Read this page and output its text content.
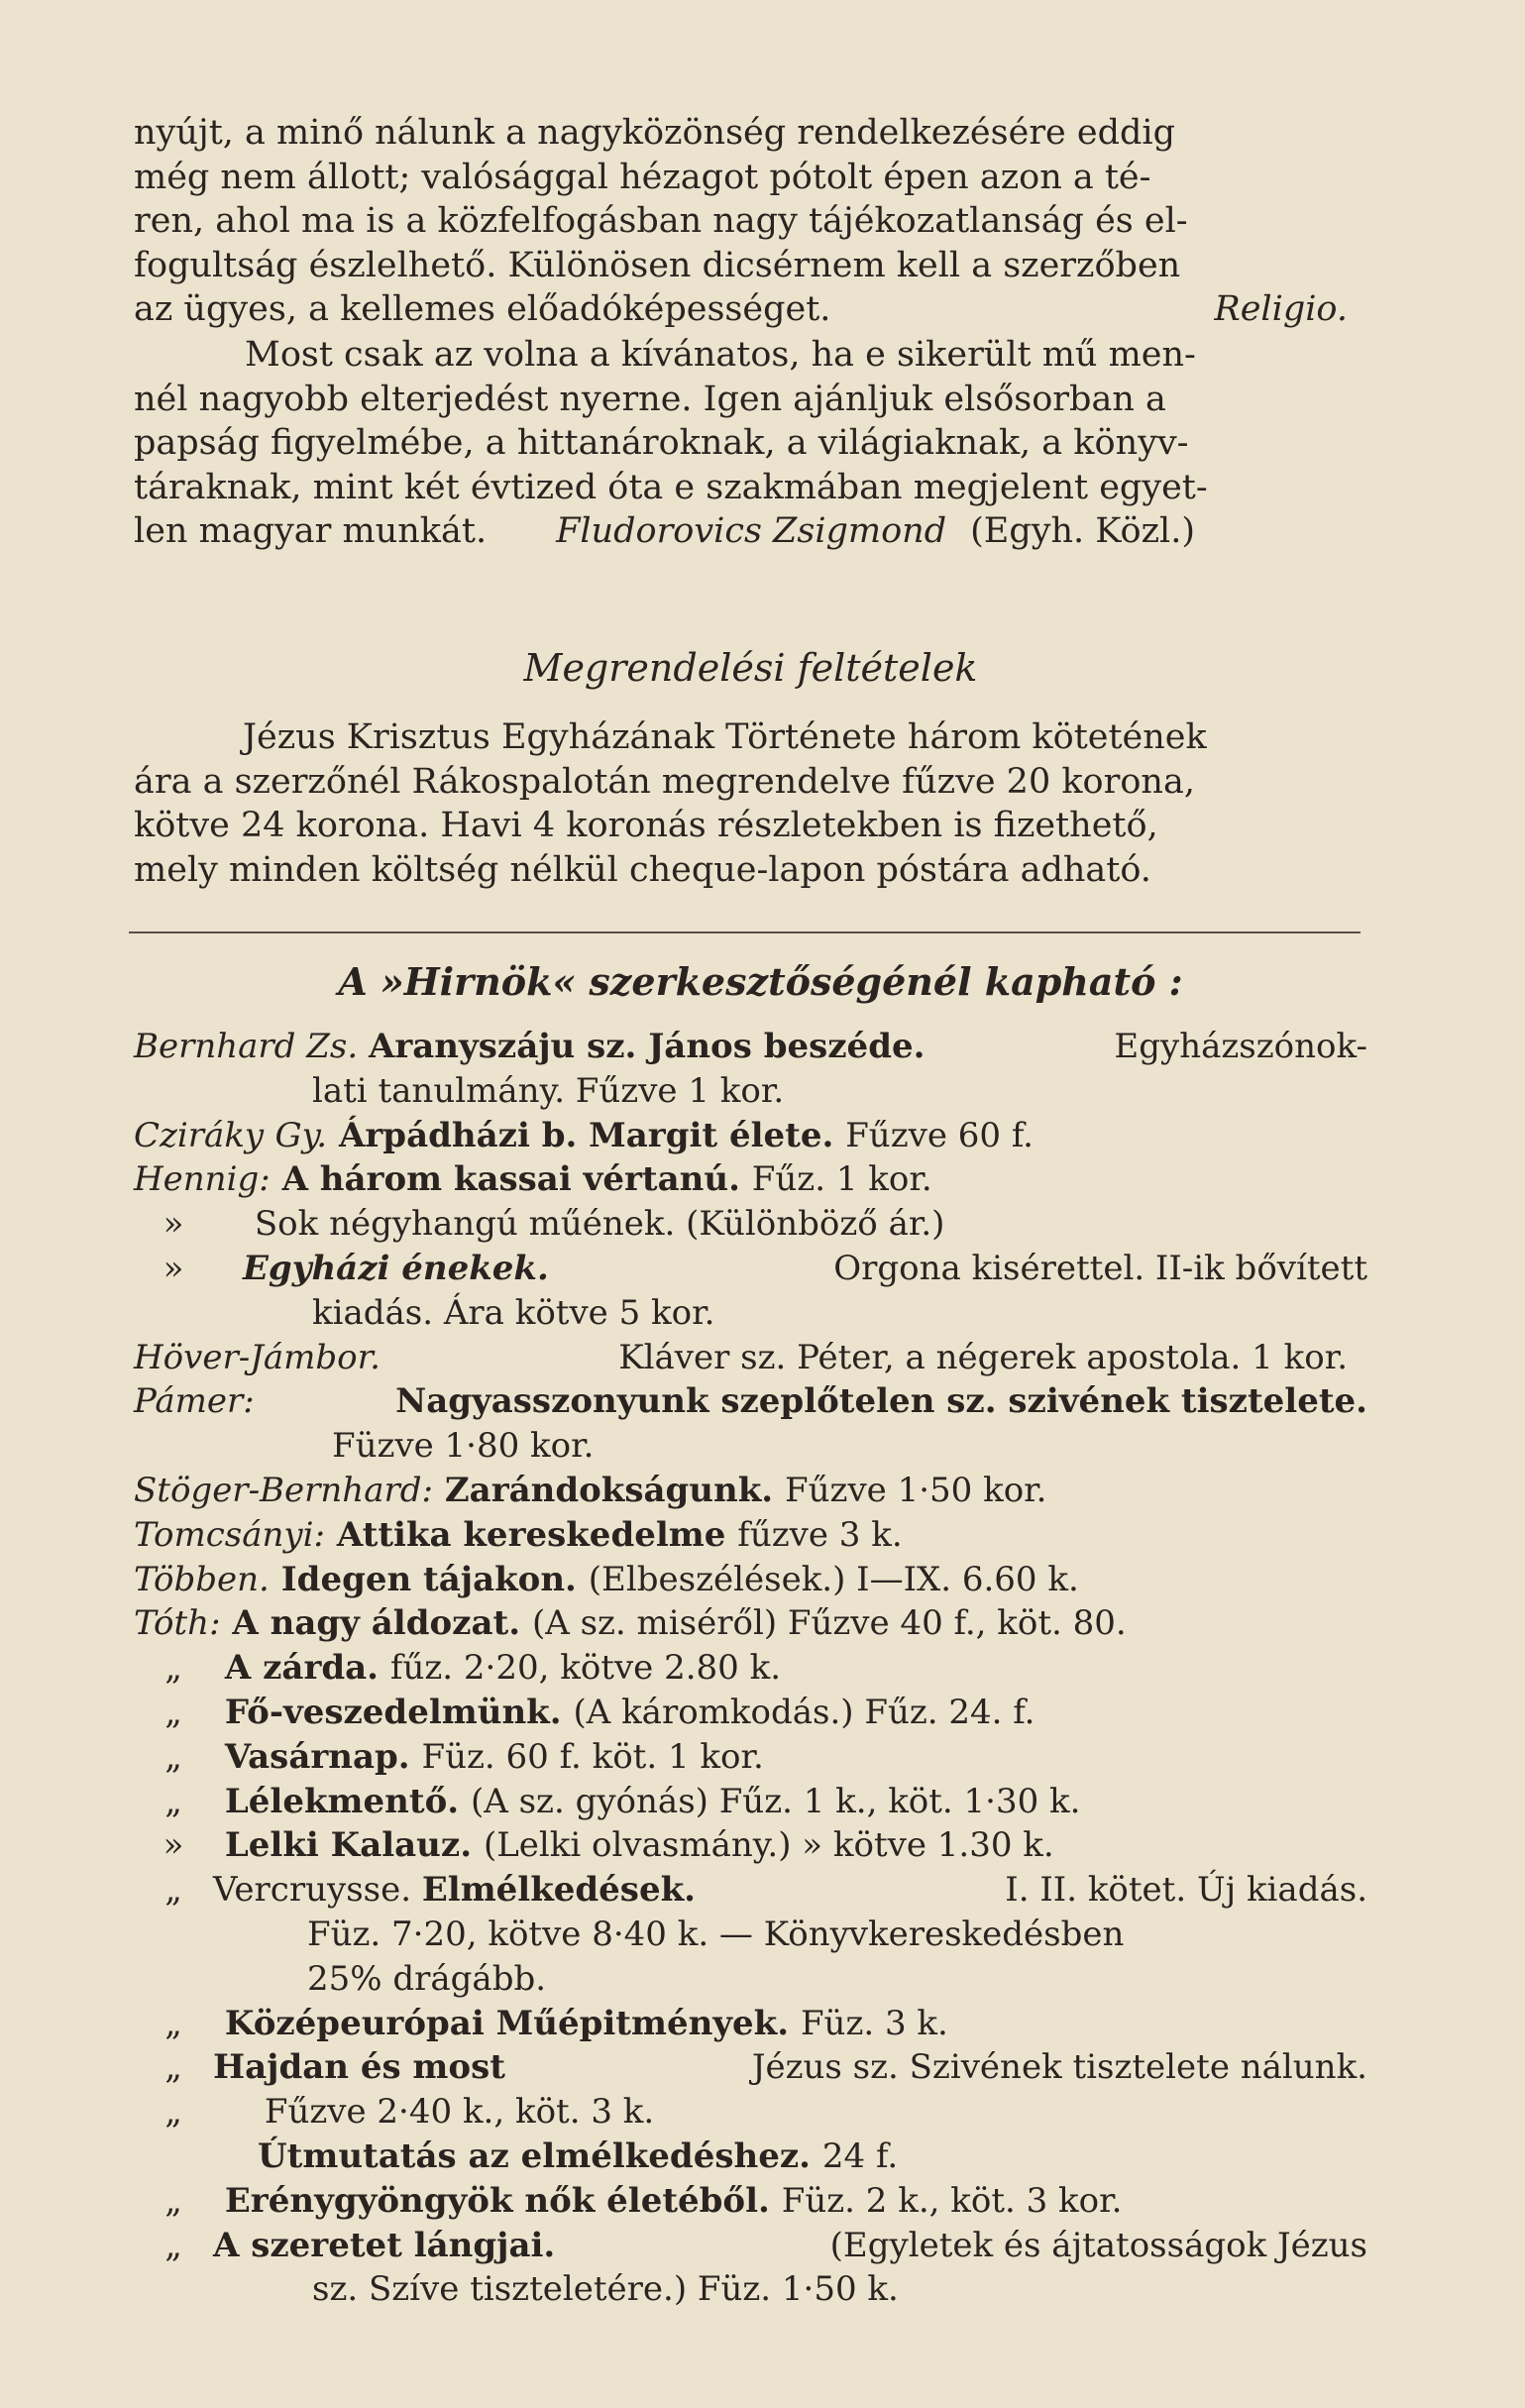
nyújt, a minő nálunk a nagyközönség rendelkezésére eddig
még nem állott; valósággal hézagot pótolt épen azon a té-
ren, ahol ma is a közfelfogásban nagy tájékozatlanság és el-
fogultság észlelhető. Különösen dicsérnem kell a szerzőben
az ügyes, a kellemes előadóképességet.	Religio.
Most csak az volna a kívánatos, ha e sikerült mű men-
nél nagyobb elterjedést nyerne. Igen ajánljuk elsősorban a
papság figyelmébe, a hittanároknak, a világiaknak, a könyv-
táraknak, mint két évtized óta e szakmában megjelent egyet-
len magyar munkát. Fludorovics Zsigmond (Egyh. Közl.)
Megrendelési feltételek
Jézus Krisztus Egyházának Története három kötetének
ára a szerzőnél Rákospalotán megrendelve fűzve 20 korona,
kötve 24 korona. Havi 4 koronás részletekben is fizethető,
mely minden költség nélkül cheque-lapon póstára adható.
A »Hirnök« szerkesztőségénél kapható :
Bernhard Zs. Aranyszáju sz. János beszéde.	Egyházszónok-
lati tanulmány. Fűzve 1 kor.
Czirákу Gy. Árpádházi b. Margit élete. Fűzve 60 f.
Hennig: A három kassai vértanú. Fűz. 1 kor.
»	Sok négyhangú műének. (Különböző ár.)
» Egyházi énekek.	Orgona kisérettel. II-ik bővített
kiadás. Ára kötve 5 kor.
Höver-Jámbor.	Kláver sz. Péter, a négerek apostola. 1 kor.
Pámer:	Nagyasszonyunk szeplőtelen sz. szivének tisztelete.
Füzve 1·80 kor.
Stöger-Bernhard: Zarándokságunk. Fűzve 1·50 kor.
Tomcsányi: Attika kereskedelme fűzve 3 k.
Többen. Idegen tájakon. (Elbeszélések.) I—IX. 6.60 k.
Tóth: A nagy áldozat. (A sz. miséről) Fűzve 40 f., köt. 80.
„	A zárda. fűz. 2·20, kötve 2.80 k.
„	Fő-veszedelmünk. (A káromkodás.) Fűz. 24. f.
„	Vasárnap. Füz. 60 f. köt. 1 kor.
„	Lélekmentő. (A sz. gyónás) Fűz. 1 k., köt. 1·30 k.
»	Lelki Kalauz. (Lelki olvasmány.) » kötve 1.30 k.
„ Vercruysse. Elmélkedések.	I. II. kötet. Új kiadás.
Füz. 7·20, kötve 8·40 k. — Könyvkereskedésben
25% drágább.
„	Középeurópai Műépitmények. Füz. 3 k.
„ Hajdan és most	Jézus sz. Szivének tisztelete nálunk.
„	Fűzve 2·40 k., köt. 3 k.
Útmutatás az elmélkedéshez. 24 f.
„	Erénygyöngyök nők életéből. Füz. 2 k., köt. 3 kor.
„ A szeretet lángjai.	(Egyletek és ájtatosságok Jézus
sz. Szíve tiszteletére.) Füz. 1·50 k.
